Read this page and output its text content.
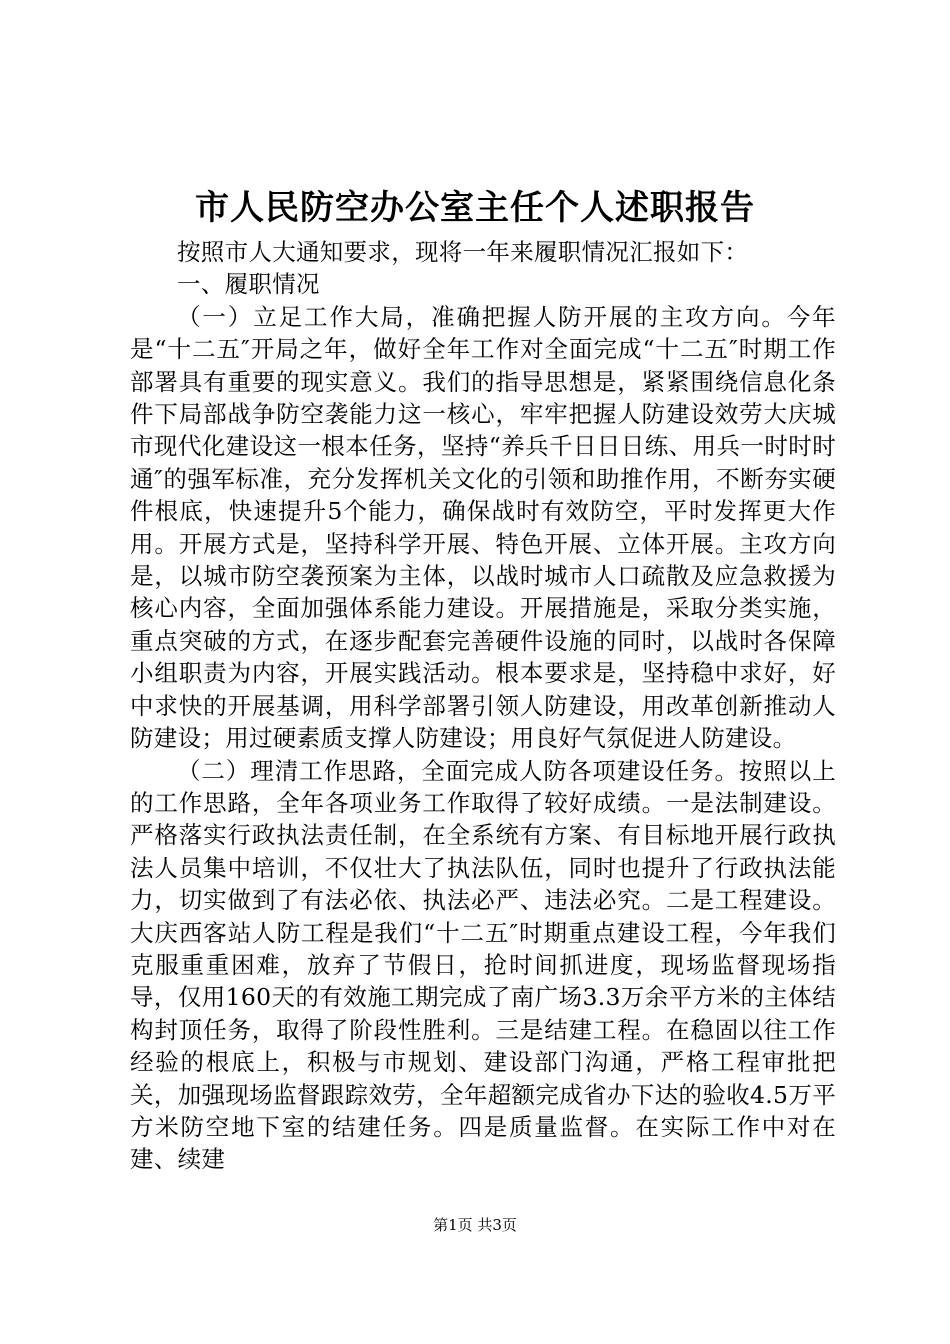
市人民防空办公室主任个人述职报告

按照市人大通知要求，现将一年来履职情况汇报如下：

一、履职情况

（一）立足工作大局，准确把握人防开展的主攻方向。今年是“十二五″开局之年，做好全年工作对全面完成“十二五″时期工作部署具有重要的现实意义。我们的指导思想是，紧紧围绕信息化条件下局部战争防空袭能力这一核心，牢牢把握人防建设效劳大庆城市现代化建设这一根本任务，坚持“养兵千日日日练、用兵一时时时通″的强军标准，充分发挥机关文化的引领和助推作用，不断夯实硬件根底，快速提升5个能力，确保战时有效防空，平时发挥更大作用。开展方式是，坚持科学开展、特色开展、立体开展。主攻方向是，以城市防空袭预案为主体，以战时城市人口疏散及应急救援为核心内容，全面加强体系能力建设。开展措施是，采取分类实施，重点突破的方式，在逐步配套完善硬件设施的同时，以战时各保障小组职责为内容，开展实践活动。根本要求是，坚持稳中求好，好中求快的开展基调，用科学部署引领人防建设，用改革创新推动人防建设；用过硬素质支撑人防建设；用良好气氛促进人防建设。

（二）理清工作思路，全面完成人防各项建设任务。按照以上的工作思路，全年各项业务工作取得了较好成绩。一是法制建设。严格落实行政执法责任制，在全系统有方案、有目标地开展行政执法人员集中培训，不仅壮大了执法队伍，同时也提升了行政执法能力，切实做到了有法必依、执法必严、违法必究。二是工程建设。大庆西客站人防工程是我们“十二五″时期重点建设工程，今年我们克服重重困难，放弃了节假日，抢时间抓进度，现场监督现场指导，仅用160天的有效施工期完成了南广场3.3万余平方米的主体结构封顶任务，取得了阶段性胜利。三是结建工程。在稳固以往工作经验的根底上，积极与市规划、建设部门沟通，严格工程审批把关，加强现场监督跟踪效劳，全年超额完成省办下达的验收4.5万平方米防空地下室的结建任务。四是质量监督。在实际工作中对在建、续建

第1页 共3页
